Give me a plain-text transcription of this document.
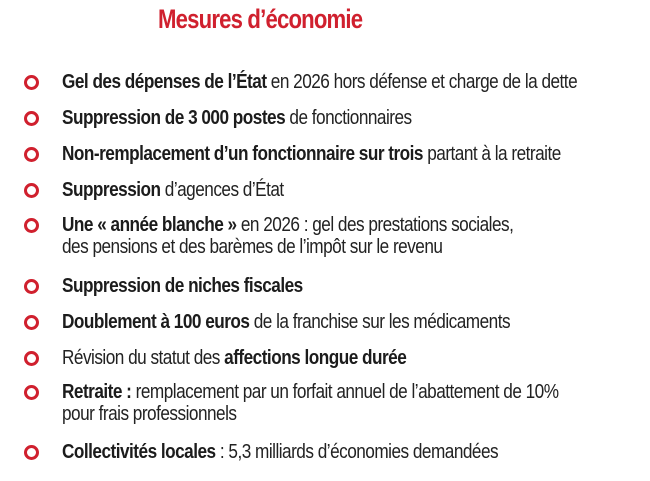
Mesures d’économie
Gel des dépenses de l’État en 2026 hors défense et charge de la dette
Suppression de 3 000 postes de fonctionnaires
Non-remplacement d’un fonctionnaire sur trois partant à la retraite
Suppression d’agences d’État
Une « année blanche » en 2026 : gel des prestations sociales,
des pensions et des barèmes de l’impôt sur le revenu
Suppression de niches fiscales
Doublement à 100 euros de la franchise sur les médicaments
Révision du statut des affections longue durée
Retraite : remplacement par un forfait annuel de l’abattement de 10%
pour frais professionnels
Collectivités locales : 5,3 milliards d’économies demandées
